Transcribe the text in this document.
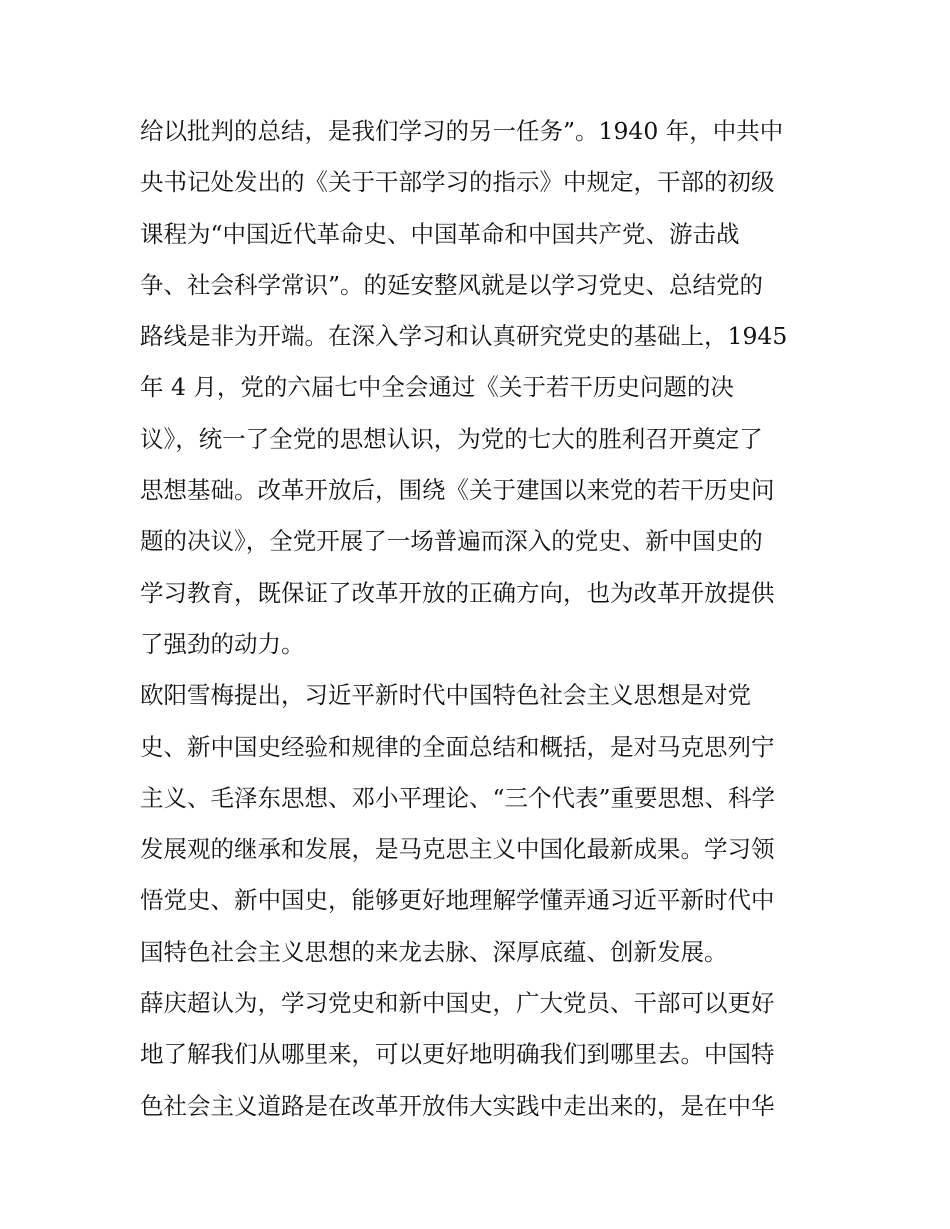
给以批判的总结，是我们学习的另一任务”。1940 年，中共中
央书记处发出的《关于干部学习的指示》中规定，干部的初级
课程为“中国近代革命史、中国革命和中国共产党、游击战
争、社会科学常识”。的延安整风就是以学习党史、总结党的
路线是非为开端。在深入学习和认真研究党史的基础上，1945
年 4 月，党的六届七中全会通过《关于若干历史问题的决
议》，统一了全党的思想认识，为党的七大的胜利召开奠定了
思想基础。改革开放后，围绕《关于建国以来党的若干历史问
题的决议》，全党开展了一场普遍而深入的党史、新中国史的
学习教育，既保证了改革开放的正确方向，也为改革开放提供
了强劲的动力。
欧阳雪梅提出，习近平新时代中国特色社会主义思想是对党
史、新中国史经验和规律的全面总结和概括，是对马克思列宁
主义、毛泽东思想、邓小平理论、“三个代表”重要思想、科学
发展观的继承和发展，是马克思主义中国化最新成果。学习领
悟党史、新中国史，能够更好地理解学懂弄通习近平新时代中
国特色社会主义思想的来龙去脉、深厚底蕴、创新发展。
薛庆超认为，学习党史和新中国史，广大党员、干部可以更好
地了解我们从哪里来，可以更好地明确我们到哪里去。中国特
色社会主义道路是在改革开放伟大实践中走出来的，是在中华
